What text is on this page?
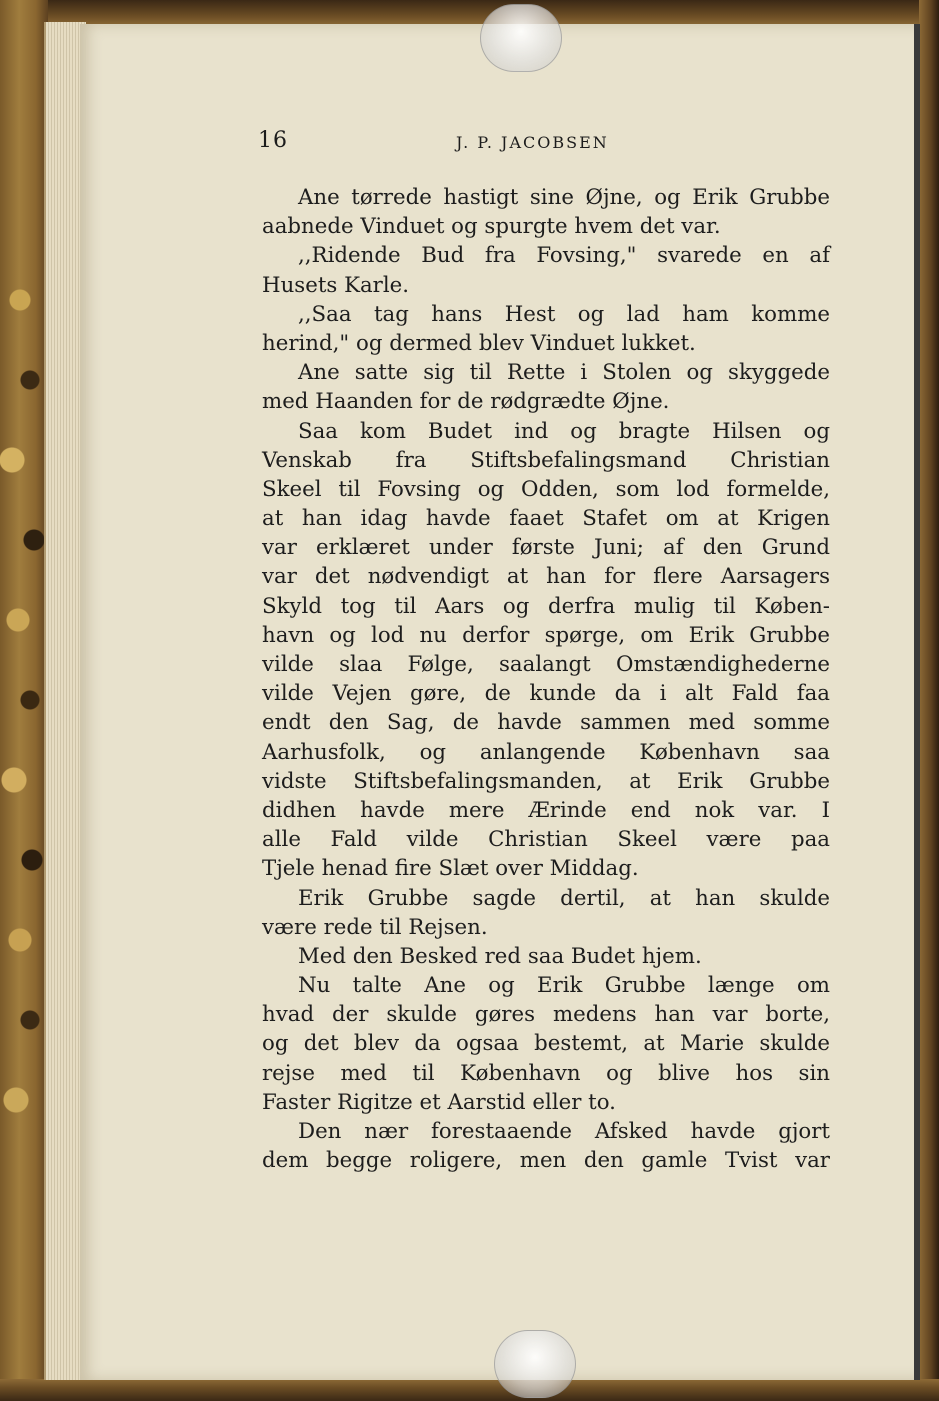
16	J. P. JACOBSEN
Ane tørrede hastigt sine Øjne, og Erik Grubbe
aabnede Vinduet og spurgte hvem det var.
,,Ridende Bud fra Fovsing," svarede en af
Husets Karle.
,,Saa tag hans Hest og lad ham komme
herind," og dermed blev Vinduet lukket.
Ane satte sig til Rette i Stolen og skyggede
med Haanden for de rødgrædte Øjne.
Saa kom Budet ind og bragte Hilsen og
Venskab fra Stiftsbefalingsmand Christian
Skeel til Fovsing og Odden, som lod formelde,
at han idag havde faaet Stafet om at Krigen
var erklæret under første Juni; af den Grund
var det nødvendigt at han for flere Aarsagers
Skyld tog til Aars og derfra mulig til Køben-
havn og lod nu derfor spørge, om Erik Grubbe
vilde slaa Følge, saalangt Omstændighederne
vilde Vejen gøre, de kunde da i alt Fald faa
endt den Sag, de havde sammen med somme
Aarhusfolk, og anlangende København saa
vidste Stiftsbefalingsmanden, at Erik Grubbe
didhen havde mere Ærinde end nok var. I
alle Fald vilde Christian Skeel være paa
Tjele henad fire Slæt over Middag.
Erik Grubbe sagde dertil, at han skulde
være rede til Rejsen.
Med den Besked red saa Budet hjem.
Nu talte Ane og Erik Grubbe længe om
hvad der skulde gøres medens han var borte,
og det blev da ogsaa bestemt, at Marie skulde
rejse med til København og blive hos sin
Faster Rigitze et Aarstid eller to.
Den nær forestaaende Afsked havde gjort
dem begge roligere, men den gamle Tvist var
